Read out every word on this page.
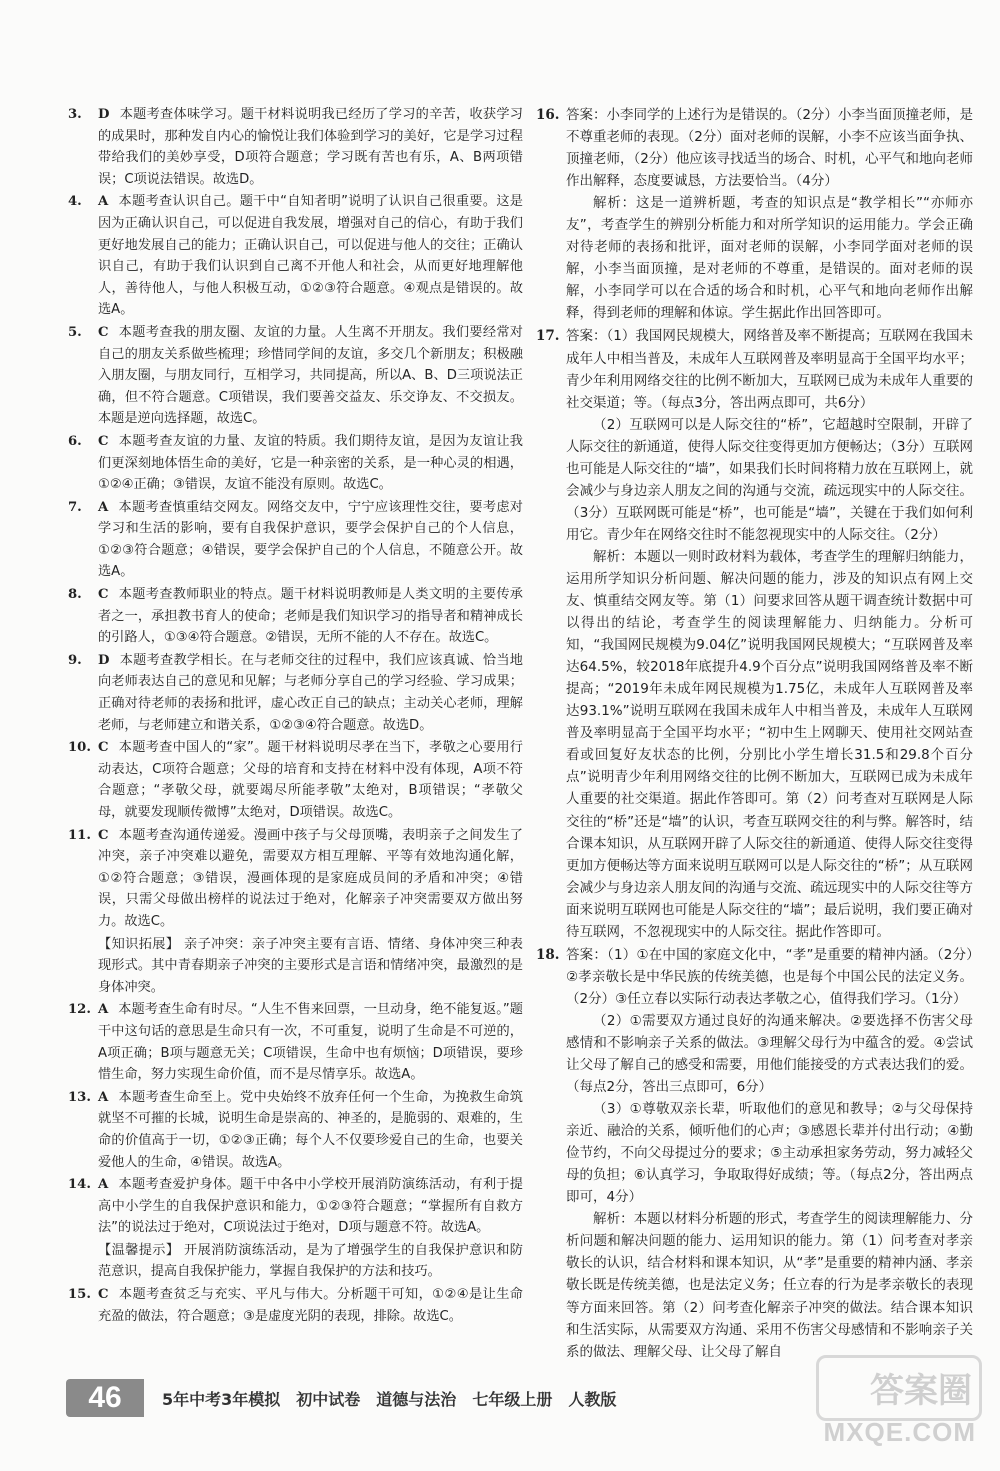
3.	D 本题考查体味学习。题干材料说明我已经历了学习的辛苦，收获学习的成果时，那种发自内心的愉悦让我们体验到学习的美好，它是学习过程带给我们的美妙享受，D项符合题意；学习既有苦也有乐，A、B两项错误；C项说法错误。故选D。
4.	A 本题考查认识自己。题干中“自知者明”说明了认识自己很重要。这是因为正确认识自己，可以促进自我发展，增强对自己的信心，有助于我们更好地发展自己的能力；正确认识自己，可以促进与他人的交往；正确认识自己，有助于我们认识到自己离不开他人和社会，从而更好地理解他人，善待他人，与他人积极互动，①②③符合题意。④观点是错误的。故选A。
5.	C 本题考查我的朋友圈、友谊的力量。人生离不开朋友。我们要经常对自己的朋友关系做些梳理；珍惜同学间的友谊，多交几个新朋友；积极融入朋友圈，与朋友同行，互相学习，共同提高，所以A、B、D三项说法正确，但不符合题意。C项错误，我们要善交益友、乐交诤友、不交损友。本题是逆向选择题，故选C。
6.	C 本题考查友谊的力量、友谊的特质。我们期待友谊，是因为友谊让我们更深刻地体悟生命的美好，它是一种亲密的关系，是一种心灵的相遇，①②④正确；③错误，友谊不能没有原则。故选C。
7.	A 本题考查慎重结交网友。网络交友中，宁宁应该理性交往，要考虑对学习和生活的影响，要有自我保护意识，要学会保护自己的个人信息，①②③符合题意；④错误，要学会保护自己的个人信息，不随意公开。故选A。
8.	C 本题考查教师职业的特点。题干材料说明教师是人类文明的主要传承者之一，承担教书育人的使命；老师是我们知识学习的指导者和精神成长的引路人，①③④符合题意。②错误，无所不能的人不存在。故选C。
9.	D 本题考查教学相长。在与老师交往的过程中，我们应该真诚、恰当地向老师表达自己的意见和见解；与老师分享自己的学习经验、学习成果；正确对待老师的表扬和批评，虚心改正自己的缺点；主动关心老师，理解老师，与老师建立和谐关系，①②③④符合题意。故选D。
10. C 本题考查中国人的“家”。题干材料说明尽孝在当下，孝敬之心要用行动表达，C项符合题意；父母的培育和支持在材料中没有体现，A项不符合题意；“孝敬父母，就要竭尽所能孝敬”太绝对，B项错误；“孝敬父母，就要发现顺传微博”太绝对，D项错误。故选C。
11. C 本题考查沟通传递爱。漫画中孩子与父母顶嘴，表明亲子之间发生了冲突，亲子冲突难以避免，需要双方相互理解、平等有效地沟通化解，①②符合题意；③错误，漫画体现的是家庭成员间的矛盾和冲突；④错误，只需父母做出榜样的说法过于绝对，化解亲子冲突需要双方做出努力。故选C。
【知识拓展】 亲子冲突：亲子冲突主要有言语、情绪、身体冲突三种表现形式。其中青春期亲子冲突的主要形式是言语和情绪冲突，最激烈的是身体冲突。
12. A 本题考查生命有时尽。“人生不售来回票，一旦动身，绝不能复返。”题干中这句话的意思是生命只有一次，不可重复，说明了生命是不可逆的，A项正确；B项与题意无关；C项错误，生命中也有烦恼；D项错误，要珍惜生命，努力实现生命价值，而不是尽情享乐。故选A。
13. A 本题考查生命至上。党中央始终不放弃任何一个生命，为挽救生命筑就坚不可摧的长城，说明生命是崇高的、神圣的，是脆弱的、艰难的，生命的价值高于一切，①②③正确；每个人不仅要珍爱自己的生命，也要关爱他人的生命，④错误。故选A。
14. A 本题考查爱护身体。题干中各中小学校开展消防演练活动，有利于提高中小学生的自我保护意识和能力，①②③符合题意；“掌握所有自救方法”的说法过于绝对，C项说法过于绝对，D项与题意不符。故选A。
【温馨提示】 开展消防演练活动，是为了增强学生的自我保护意识和防范意识，提高自我保护能力，掌握自我保护的方法和技巧。
15. C 本题考查贫乏与充实、平凡与伟大。分析题干可知，①②④是让生命充盈的做法，符合题意；③是虚度光阴的表现，排除。故选C。
16. 答案：小李同学的上述行为是错误的。（2分）小李当面顶撞老师，是不尊重老师的表现。（2分）面对老师的误解，小李不应该当面争执、顶撞老师，（2分）他应该寻找适当的场合、时机，心平气和地向老师作出解释，态度要诚恳，方法要恰当。（4分）
解析：这是一道辨析题，考查的知识点是“教学相长”“亦师亦友”，考查学生的辨别分析能力和对所学知识的运用能力。学会正确对待老师的表扬和批评，面对老师的误解，小李同学面对老师的误解，小李当面顶撞，是对老师的不尊重，是错误的。面对老师的误解，小李同学可以在合适的场合和时机，心平气和地向老师作出解释，得到老师的理解和体谅。学生据此作出回答即可。
17. 答案：（1）我国网民规模大，网络普及率不断提高；互联网在我国未成年人中相当普及，未成年人互联网普及率明显高于全国平均水平；青少年利用网络交往的比例不断加大，互联网已成为未成年人重要的社交渠道；等。（每点3分，答出两点即可，共6分）
（2）互联网可以是人际交往的“桥”，它超越时空限制，开辟了人际交往的新通道，使得人际交往变得更加方便畅达；（3分）互联网也可能是人际交往的“墙”，如果我们长时间将精力放在互联网上，就会减少与身边亲人朋友之间的沟通与交流，疏远现实中的人际交往。（3分）互联网既可能是“桥”，也可能是“墙”，关键在于我们如何利用它。青少年在网络交往时不能忽视现实中的人际交往。（2分）
解析：本题以一则时政材料为载体，考查学生的理解归纳能力，运用所学知识分析问题、解决问题的能力，涉及的知识点有网上交友、慎重结交网友等。第（1）问要求回答从题干调查统计数据中可以得出的结论，考查学生的阅读理解能力、归纳能力。分析可知，“我国网民规模为9.04亿”说明我国网民规模大；“互联网普及率达64.5%，较2018年底提升4.9个百分点”说明我国网络普及率不断提高；“2019年未成年网民规模为1.75亿，未成年人互联网普及率达93.1%”说明互联网在我国未成年人中相当普及，未成年人互联网普及率明显高于全国平均水平；“初中生上网聊天、使用社交网站查看或回复好友状态的比例，分别比小学生增长31.5和29.8个百分点”说明青少年利用网络交往的比例不断加大，互联网已成为未成年人重要的社交渠道。据此作答即可。第（2）问考查对互联网是人际交往的“桥”还是“墙”的认识，考查互联网交往的利与弊。解答时，结合课本知识，从互联网开辟了人际交往的新通道、使得人际交往变得更加方便畅达等方面来说明互联网可以是人际交往的“桥”；从互联网会减少与身边亲人朋友间的沟通与交流、疏远现实中的人际交往等方面来说明互联网也可能是人际交往的“墙”；最后说明，我们要正确对待互联网，不忽视现实中的人际交往。据此作答即可。
18. 答案：（1）①在中国的家庭文化中，“孝”是重要的精神内涵。（2分）②孝亲敬长是中华民族的传统美德，也是每个中国公民的法定义务。（2分）③任立春以实际行动表达孝敬之心，值得我们学习。（1分）
（2）①需要双方通过良好的沟通来解决。②要选择不伤害父母感情和不影响亲子关系的做法。③理解父母行为中蕴含的爱。④尝试让父母了解自己的感受和需要，用他们能接受的方式表达我们的爱。（每点2分，答出三点即可，6分）
（3）①尊敬双亲长辈，听取他们的意见和教导；②与父母保持亲近、融洽的关系，倾听他们的心声；③感恩长辈并付出行动；④勤俭节约，不向父母提过分的要求；⑤主动承担家务劳动，努力减轻父母的负担；⑥认真学习，争取取得好成绩；等。（每点2分，答出两点即可，4分）
解析：本题以材料分析题的形式，考查学生的阅读理解能力、分析问题和解决问题的能力、运用知识的能力。第（1）问考查对孝亲敬长的认识，结合材料和课本知识，从“孝”是重要的精神内涵、孝亲敬长既是传统美德，也是法定义务；任立春的行为是孝亲敬长的表现等方面来回答。第（2）问考查化解亲子冲突的做法。结合课本知识和生活实际，从需要双方沟通、采用不伤害父母感情和不影响亲子关系的做法、理解父母、让父母了解自
46	5年中考3年模拟 初中试卷 道德与法治 七年级上册 人教版	答案圈
MXQE.COM
